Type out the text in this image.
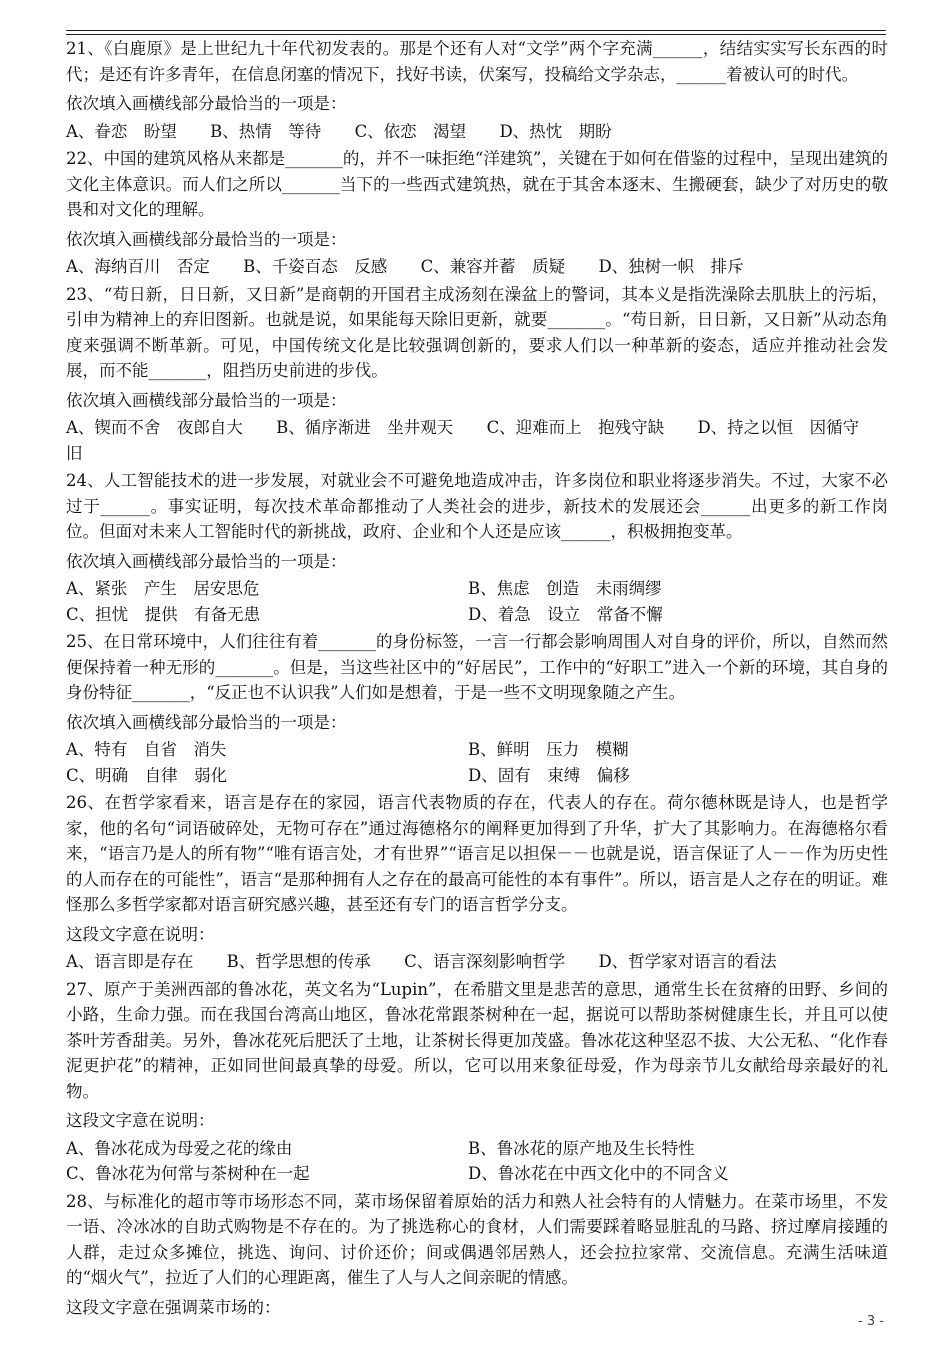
21、《白鹿原》是上世纪九十年代初发表的。那是个还有人对“文学”两个字充满______，结结实实写长东西的时代；是还有许多青年，在信息闭塞的情况下，找好书读，伏案写，投稿给文学杂志，______着被认可的时代。

依次填入画横线部分最恰当的一项是：
A、眷恋　盼望 B、热情　等待 C、依恋　渴望 D、热忱　期盼

22、中国的建筑风格从来都是_______的，并不一味拒绝“洋建筑”，关键在于如何在借鉴的过程中，呈现出建筑的文化主体意识。而人们之所以_______当下的一些西式建筑热，就在于其舍本逐末、生搬硬套，缺少了对历史的敬畏和对文化的理解。

依次填入画横线部分最恰当的一项是：
A、海纳百川　否定 B、千姿百态　反感 C、兼容并蓄　质疑 D、独树一帜　排斥

23、“苟日新，日日新，又日新”是商朝的开国君主成汤刻在澡盆上的警词，其本义是指洗澡除去肌肤上的污垢，引申为精神上的弃旧图新。也就是说，如果能每天除旧更新，就要_______。“苟日新，日日新，又日新”从动态角度来强调不断革新。可见，中国传统文化是比较强调创新的，要求人们以一种革新的姿态，适应并推动社会发展，而不能_______，阻挡历史前进的步伐。

依次填入画横线部分最恰当的一项是：
A、锲而不舍　夜郎自大 B、循序渐进　坐井观天 C、迎难而上　抱残守缺 D、持之以恒　因循守旧

24、人工智能技术的进一步发展，对就业会不可避免地造成冲击，许多岗位和职业将逐步消失。不过，大家不必过于______。事实证明，每次技术革命都推动了人类社会的进步，新技术的发展还会______出更多的新工作岗位。但面对未来人工智能时代的新挑战，政府、企业和个人还是应该______，积极拥抱变革。

依次填入画横线部分最恰当的一项是：
A、紧张　产生　居安思危	B、焦虑　创造　未雨绸缪
C、担忧　提供　有备无患	D、着急　设立　常备不懈

25、在日常环境中，人们往往有着_______的身份标签，一言一行都会影响周围人对自身的评价，所以，自然而然便保持着一种无形的_______。但是，当这些社区中的“好居民”，工作中的“好职工”进入一个新的环境，其自身的身份特征_______，“反正也不认识我”人们如是想着，于是一些不文明现象随之产生。

依次填入画横线部分最恰当的一项是：
A、特有　自省　消失	B、鲜明　压力　模糊
C、明确　自律　弱化	D、固有　束缚　偏移

26、在哲学家看来，语言是存在的家园，语言代表物质的存在，代表人的存在。荷尔德林既是诗人，也是哲学家，他的名句“词语破碎处，无物可存在”通过海德格尔的阐释更加得到了升华，扩大了其影响力。在海德格尔看来，“语言乃是人的所有物”“唯有语言处，才有世界”“语言足以担保－－也就是说，语言保证了人－－作为历史性的人而存在的可能性”，语言“是那种拥有人之存在的最高可能性的本有事件”。所以，语言是人之存在的明证。难怪那么多哲学家都对语言研究感兴趣，甚至还有专门的语言哲学分支。

这段文字意在说明：
A、语言即是存在 B、哲学思想的传承 C、语言深刻影响哲学 D、哲学家对语言的看法

27、原产于美洲西部的鲁冰花，英文名为“Lupin”，在希腊文里是悲苦的意思，通常生长在贫瘠的田野、乡间的小路，生命力强。而在我国台湾高山地区，鲁冰花常跟茶树种在一起，据说可以帮助茶树健康生长，并且可以使茶叶芳香甜美。另外，鲁冰花死后肥沃了土地，让茶树长得更加茂盛。鲁冰花这种坚忍不拔、大公无私、“化作春泥更护花”的精神，正如同世间最真挚的母爱。所以，它可以用来象征母爱，作为母亲节儿女献给母亲最好的礼物。

这段文字意在说明：
A、鲁冰花成为母爱之花的缘由	B、鲁冰花的原产地及生长特性
C、鲁冰花为何常与茶树种在一起	D、鲁冰花在中西文化中的不同含义

28、与标准化的超市等市场形态不同，菜市场保留着原始的活力和熟人社会特有的人情魅力。在菜市场里，不发一语、冷冰冰的自助式购物是不存在的。为了挑选称心的食材，人们需要踩着略显脏乱的马路、挤过摩肩接踵的人群，走过众多摊位，挑选、询问、讨价还价；间或偶遇邻居熟人，还会拉拉家常、交流信息。充满生活味道的“烟火气”，拉近了人们的心理距离，催生了人与人之间亲昵的情感。

这段文字意在强调菜市场的：
- 3 -
